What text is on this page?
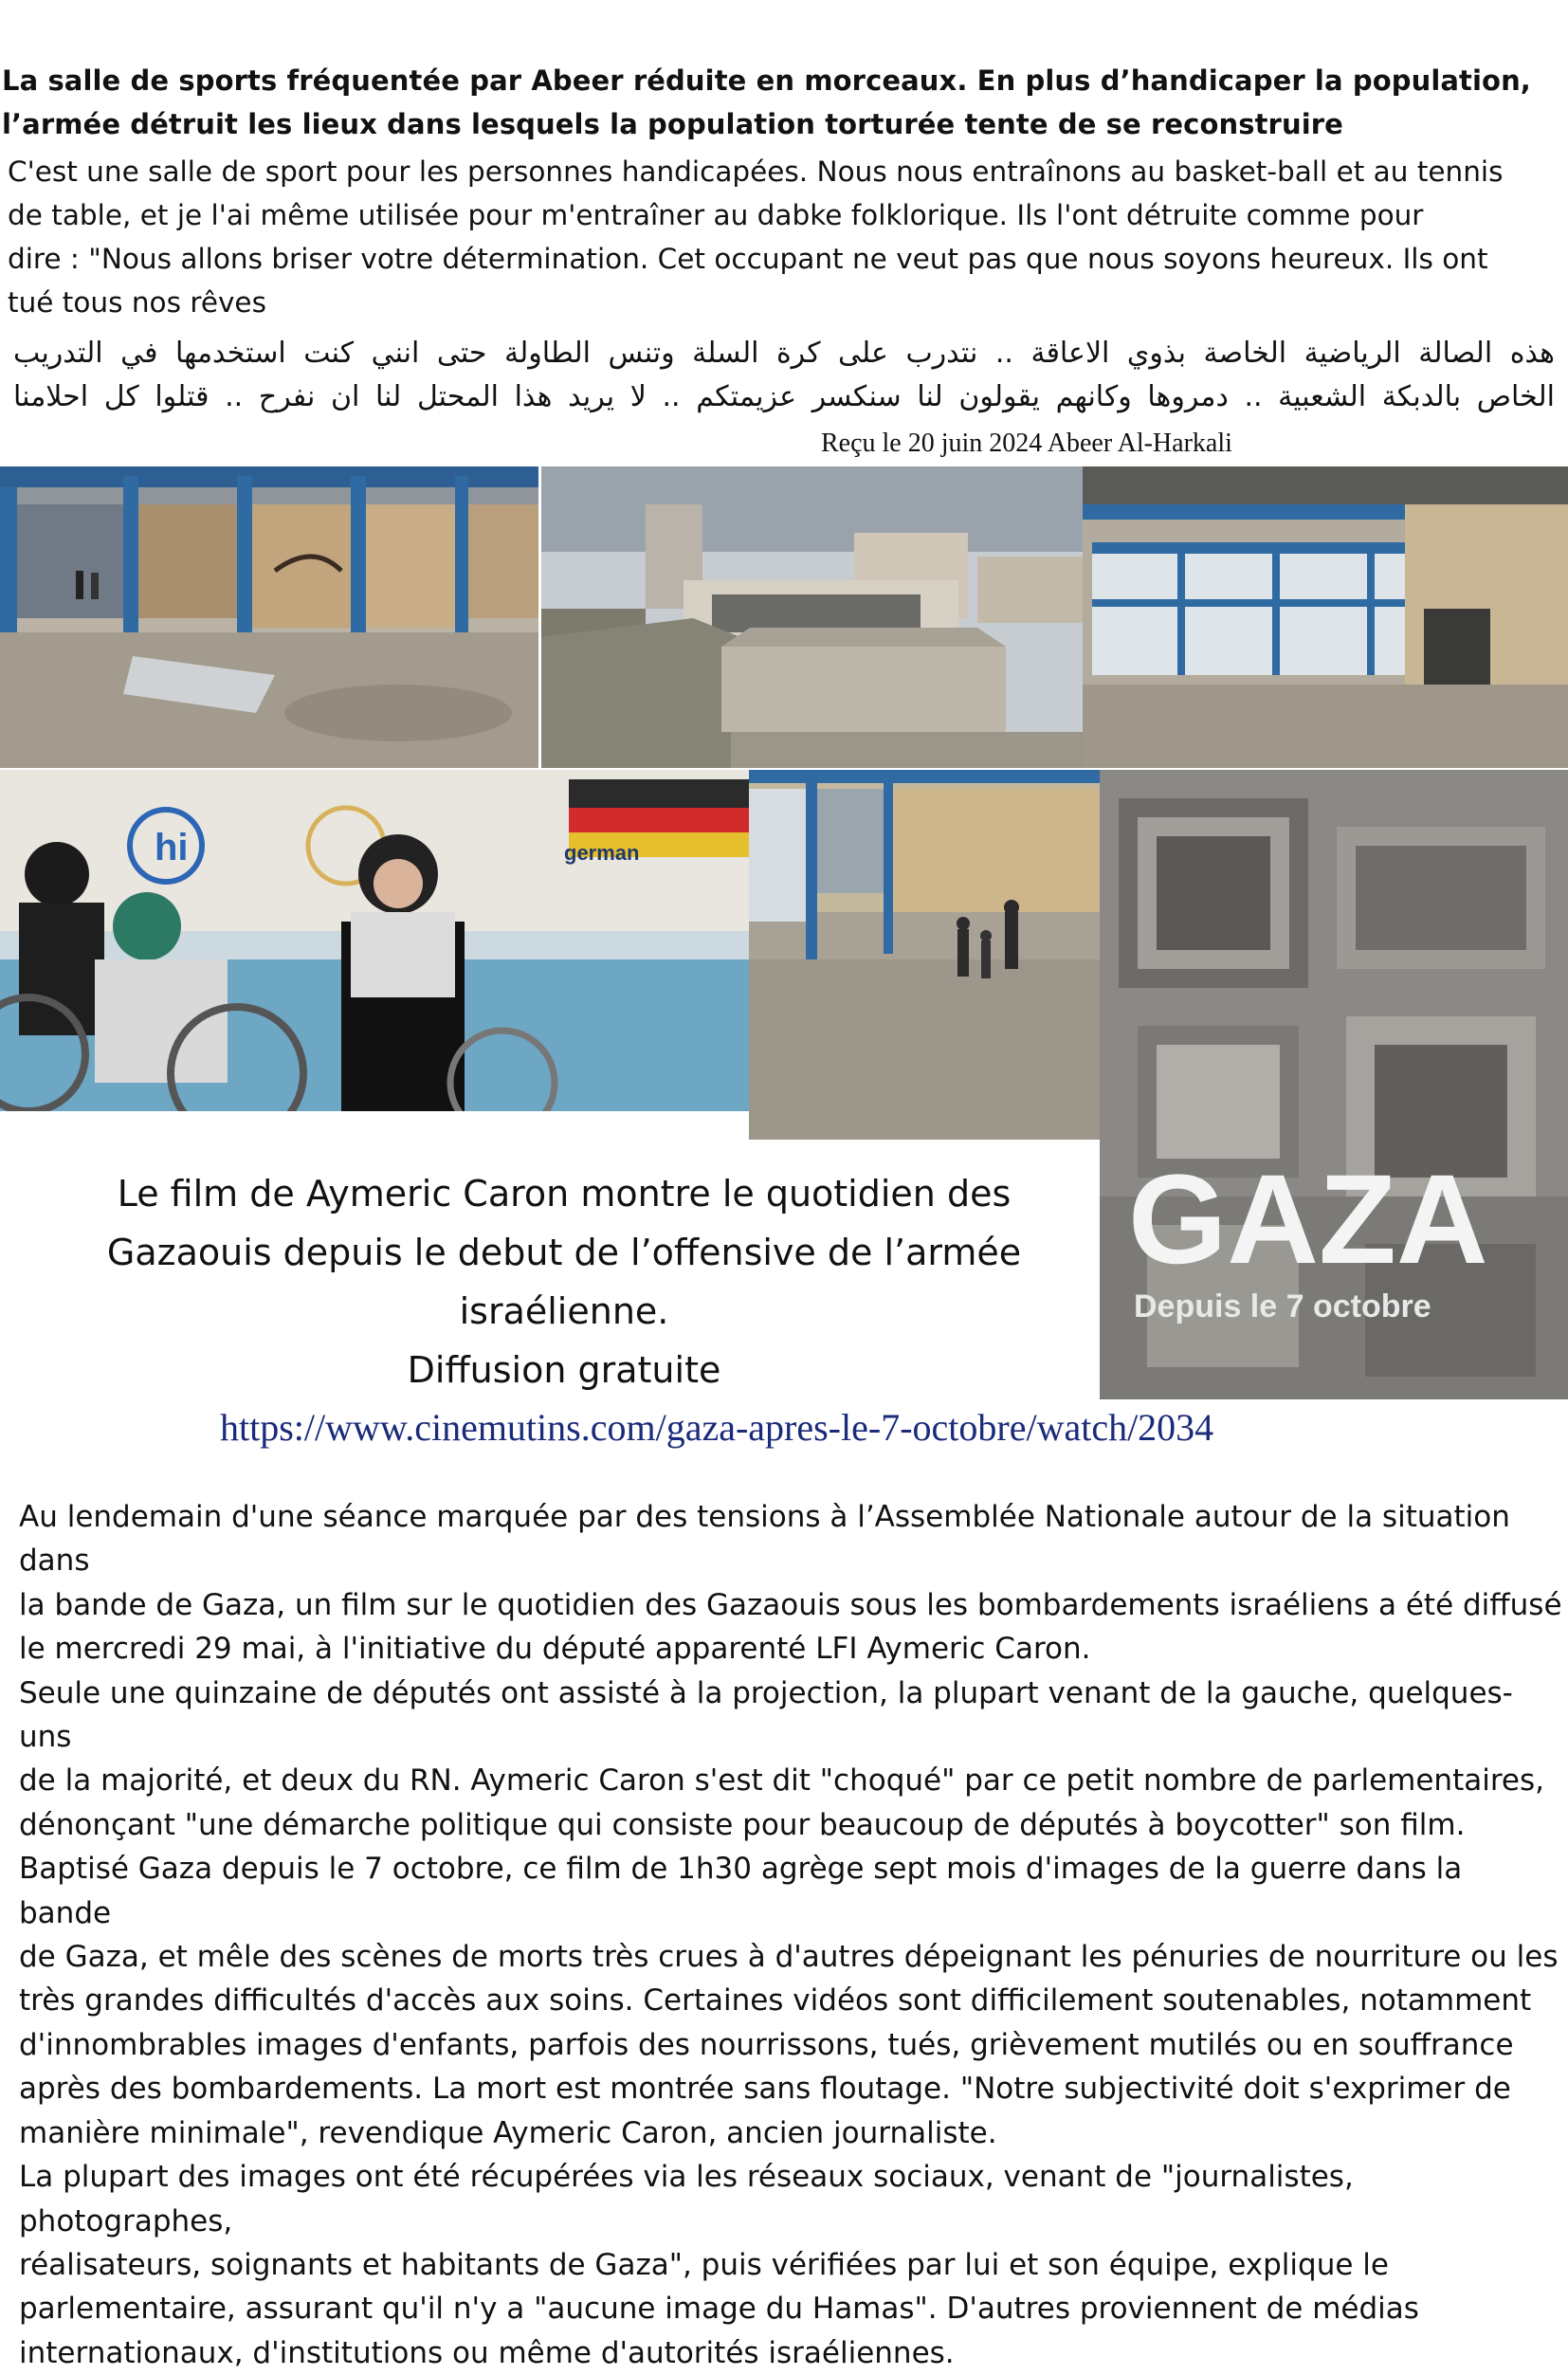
La salle de sports fréquentée par Abeer réduite en morceaux. En plus d’handicaper la population,
l’armée détruit les lieux dans lesquels la population torturée tente de se reconstruire
C'est une salle de sport pour les personnes handicapées. Nous nous entraînons au basket-ball et au tennis
de table, et je l'ai même utilisée pour m'entraîner au dabke folklorique. Ils l'ont détruite comme pour
dire : "Nous allons briser votre détermination. Cet occupant ne veut pas que nous soyons heureux. Ils ont
tué tous nos rêves
هذه الصالة الرياضية الخاصة بذوي الاعاقة .. نتدرب على كرة السلة وتنس الطاولة حتى انني كنت استخدمها في التدريب
الخاص بالدبكة الشعبية .. دمروها وكانهم يقولون لنا سنكسر عزيمتكم .. لا يريد هذا المحتل لنا ان نفرح .. قتلوا كل احلامنا
Reçu le 20 juin 2024 Abeer Al-Harkali
hi	german
GAZA
Depuis le 7 octobre
Le film de Aymeric Caron montre le quotidien des
Gazaouis depuis le debut de l’offensive de l’armée
israélienne.
Diffusion gratuite
https://www.cinemutins.com/gaza-apres-le-7-octobre/watch/2034

Au lendemain d'une séance marquée par des tensions à l’Assemblée Nationale autour de la situation dans

la bande de Gaza, un film sur le quotidien des Gazaouis sous les bombardements israéliens a été diffusé

le mercredi 29 mai, à l'initiative du député apparenté LFI Aymeric Caron.

Seule une quinzaine de députés ont assisté à la projection, la plupart venant de la gauche, quelques-uns

de la majorité, et deux du RN. Aymeric Caron s'est dit "choqué" par ce petit nombre de parlementaires,

dénonçant "une démarche politique qui consiste pour beaucoup de députés à boycotter" son film.

Baptisé Gaza depuis le 7 octobre, ce film de 1h30 agrège sept mois d'images de la guerre dans la bande

de Gaza, et mêle des scènes de morts très crues à d'autres dépeignant les pénuries de nourriture ou les

très grandes difficultés d'accès aux soins. Certaines vidéos sont difficilement soutenables, notamment

d'innombrables images d'enfants, parfois des nourrissons, tués, grièvement mutilés ou en souffrance

après des bombardements. La mort est montrée sans floutage. "Notre subjectivité doit s'exprimer de

manière minimale", revendique Aymeric Caron, ancien journaliste.

La plupart des images ont été récupérées via les réseaux sociaux, venant de "journalistes, photographes,

réalisateurs, soignants et habitants de Gaza", puis vérifiées par lui et son équipe, explique le

parlementaire, assurant qu'il n'y a "aucune image du Hamas". D'autres proviennent de médias

internationaux, d'institutions ou même d'autorités israéliennes.
